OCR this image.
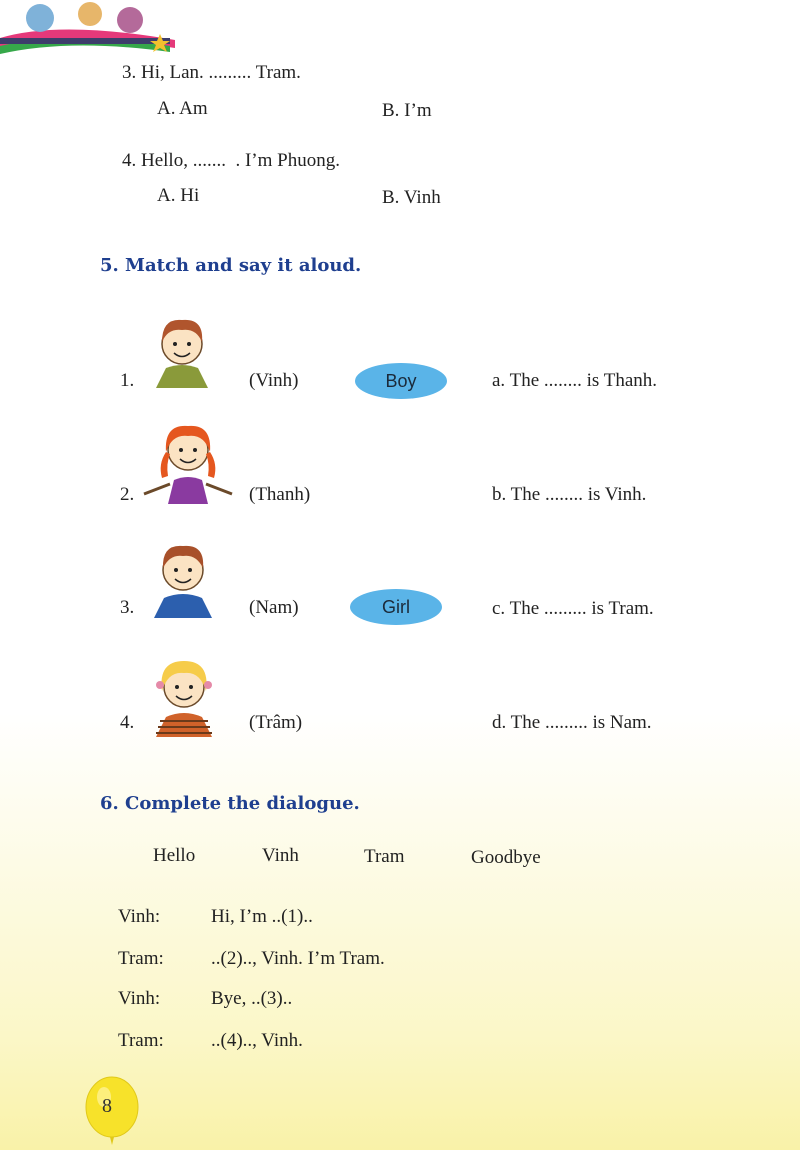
3. Hi, Lan. ......... Tram.
A. Am	B. I’m
4. Hello, .......  . I’m Phuong.
A. Hi	B. Vinh
5. Match and say it aloud.
1.	(Vinh)	Boy	a. The ........ is Thanh.
2.	(Thanh)	b. The ........ is Vinh.
3.	(Nam)	Girl	c. The ......... is Tram.
4.	(Trâm)	d. The ......... is Nam.
6. Complete the dialogue.
Hello	Vinh	Tram	Goodbye
Vinh:	Hi, I’m ..(1)..
Tram: ..(2).., Vinh. I’m Tram.
Vinh:	Bye, ..(3)..
Tram: ..(4).., Vinh.
8
